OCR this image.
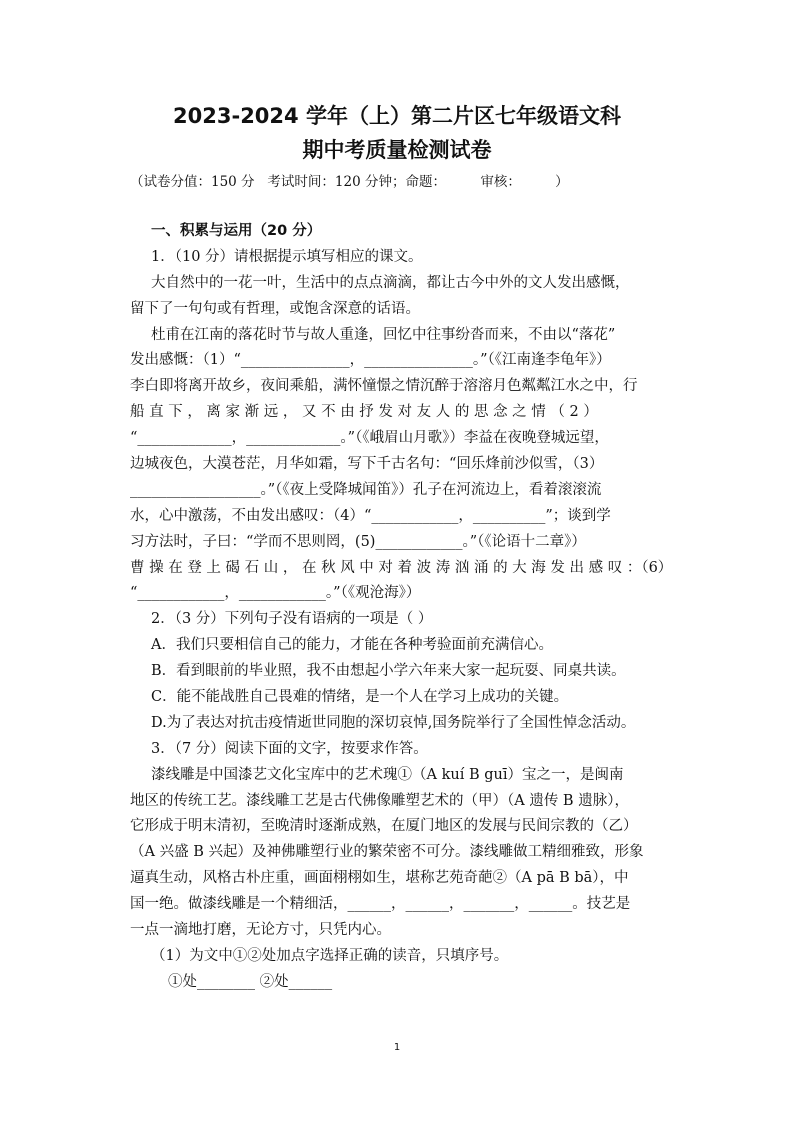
2023-2024 学年（上）第二片区七年级语文科
期中考质量检测试卷
（试卷分值：150 分   考试时间：120 分钟；命题：        审核：        ）
一、积累与运用（20 分）
1．（10 分）请根据提示填写相应的课文。
大自然中的一花一叶，生活中的点点滴滴，都让古今中外的文人发出感慨，
留下了一句句或有哲理，或饱含深意的话语。
杜甫在江南的落花时节与故人重逢，回忆中往事纷沓而来，不由以“落花”
发出感慨：（1）“_______________，_______________。”（《江南逢李龟年》）
李白即将离开故乡，夜间乘船，满怀憧憬之情沉醉于溶溶月色粼粼江水之中，行
船 直 下 ， 离 家 渐 远 ， 又 不 由 抒 发 对 友 人 的 思 念 之 情 （ 2 ）
“_____________，_____________。”（《峨眉山月歌》）李益在夜晚登城远望，
边城夜色，大漠苍茫，月华如霜，写下千古名句：“回乐烽前沙似雪，（3）
__________________。”（《夜上受降城闻笛》）孔子在河流边上，看着滚滚流
水，心中激荡，不由发出感叹：（4）“____________，__________”；谈到学
习方法时，子曰：“学而不思则罔，(5)____________。”（《论语十二章》）
曹 操 在 登 上 碣 石 山 ， 在 秋 风 中 对 着 波 涛 汹 涌 的 大 海 发 出 感 叹 ：（6）
“____________，____________。”（《观沧海》）
2．（3 分）下列句子没有语病的一项是（ ）
A．我们只要相信自己的能力，才能在各种考验面前充满信心。
B．看到眼前的毕业照，我不由想起小学六年来大家一起玩耍、同桌共读。
C．能不能战胜自己畏难的情绪，是一个人在学习上成功的关键。
D.为了表达对抗击疫情逝世同胞的深切哀悼,国务院举行了全国性悼念活动。
3．（7 分）阅读下面的文字，按要求作答。
漆线雕是中国漆艺文化宝库中的艺术瑰①（A kuí B guī）宝之一，是闽南
地区的传统工艺。漆线雕工艺是古代佛像雕塑艺术的（甲）（A 遗传 B 遗脉），
它形成于明末清初，至晚清时逐渐成熟，在厦门地区的发展与民间宗教的（乙）
（A 兴盛 B 兴起）及神佛雕塑行业的繁荣密不可分。漆线雕做工精细雅致，形象
逼真生动，风格古朴庄重，画面栩栩如生，堪称艺苑奇葩②（A pā B bā），中
国一绝。做漆线雕是一个精细活，______，______，_______，______。技艺是
一点一滴地打磨，无论方寸，只凭内心。
（1）为文中①②处加点字选择正确的读音，只填序号。
①处________ ②处______
1
